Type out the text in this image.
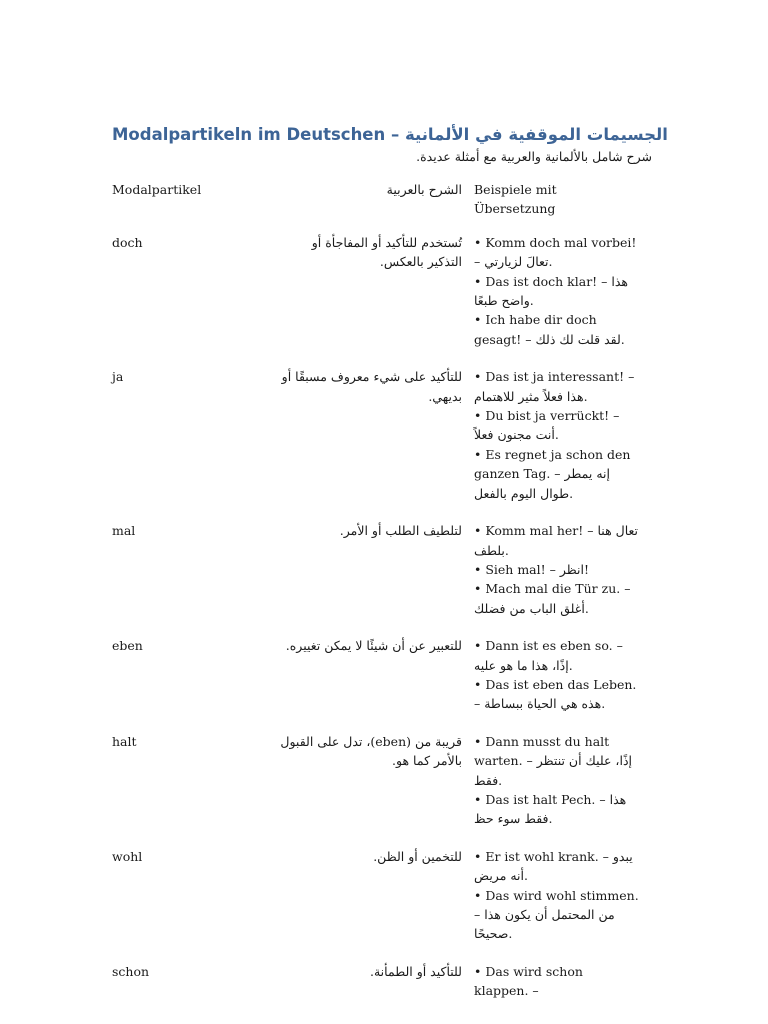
Modalpartikeln im Deutschen – الجسيمات الموقفية في الألمانية

شرح شامل بالألمانية والعربية مع أمثلة عديدة.

Modalpartikel	الشرح بالعربية	Beispiele mit Übersetzung
doch	تُستخدم للتأكيد أو المفاجأة أو التذكير بالعكس.	• Komm doch mal vorbei! – تعالَ لزيارتي.
• Das ist doch klar! – هذا واضح طبعًا.
• Ich habe dir doch gesagt! – لقد قلت لك ذلك.

ja	للتأكيد على شيء معروف مسبقًا أو بديهي.	• Das ist ja interessant! – هذا فعلاً مثير للاهتمام.
• Du bist ja verrückt! – أنت مجنون فعلاً.
• Es regnet ja schon den ganzen Tag. – إنه يمطر طوال اليوم بالفعل.

mal	لتلطيف الطلب أو الأمر.	• Komm mal her! – تعال هنا بلطف.
• Sieh mal! – انظر!
• Mach mal die Tür zu. – أغلق الباب من فضلك.

eben	للتعبير عن أن شيئًا لا يمكن تغييره.	• Dann ist es eben so. – إذًا، هذا ما هو عليه.
• Das ist eben das Leben. – هذه هي الحياة ببساطة.

halt	قريبة من (eben)، تدل على القبول بالأمر كما هو.	• Dann musst du halt warten. – إذًا، عليك أن تنتظر فقط.
• Das ist halt Pech. – هذا فقط سوء حظ.

wohl	للتخمين أو الظن.	• Er ist wohl krank. – يبدو أنه مريض.
• Das wird wohl stimmen. – من المحتمل أن يكون هذا صحيحًا.

schon	للتأكيد أو الطمأنة.	• Das wird schon klappen. –
